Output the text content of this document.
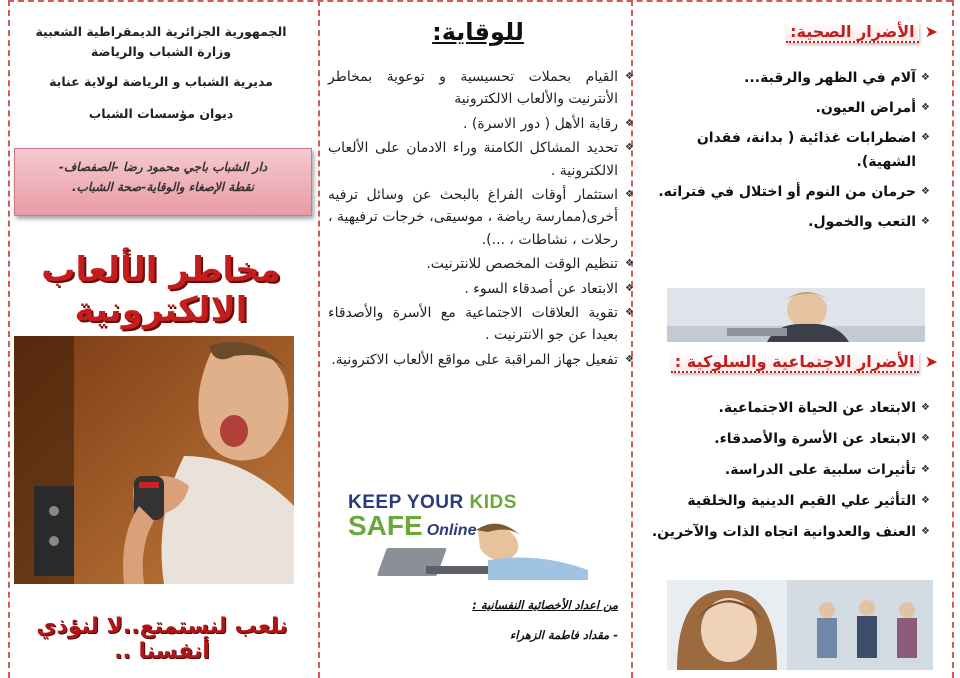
الجمهورية الجزائرية الديمقراطية الشعبية
وزارة الشباب والرياضة
مديرية الشباب و الرياضة لولاية عنابة
ديوان مؤسسات الشباب
دار الشباب باجي محمود رضا -الصفصاف-
نقطة الإصغاء والوقاية-صحة الشباب.
مخاطر الألعاب الالكترونية
نلعب لنستمتع..لا لنؤذي أنفسنا ..
للوقاية:
❖ القيام بحملات تحسيسية و توعوية بمخاطر الأنترنيت والألعاب الالكترونية
❖ رقابة الأهل ( دور الاسرة) .
❖ تحديد المشاكل الكامنة وراء الادمان على الألعاب الالكترونية .
❖ استثمار أوقات الفراغ بالبحث عن وسائل ترفيه أخرى(ممارسة رياضة ، موسيقى، خرجات ترفيهية ، رحلات ، نشاطات ، ...).
❖ تنظيم الوقت المخصص للانترنيت.
❖ الابتعاد عن أصدقاء السوء .
❖ تقوية العلاقات الاجتماعية مع الأسرة والأصدقاء بعيدا عن جو الانترنيت .
❖ تفعيل جهاز المراقبة على مواقع الألعاب الاكترونية.
KEEP YOUR KIDS
SAFE Online
من اعداد الأخصائية النفسانية :
- مقداد فاطمة الزهراء
➤الأضرار الصحية:
❖ آلام في الظهر والرقبة...
❖ أمراض العيون.
❖ اضطرابات غذائية ( بدانة، فقدان الشهية).
❖ حرمان من النوم أو اختلال في فتراته.
❖ التعب والخمول.
➤الأضرار الاجتماعية والسلوكية :
❖ الابتعاد عن الحياة الاجتماعية.
❖ الابتعاد عن الأسرة والأصدقاء.
❖ تأثيرات سلبية على الدراسة.
❖ التأثير علي القيم الدينية والخلقية
❖ العنف والعدوانية اتجاه الذات والآخرين.
